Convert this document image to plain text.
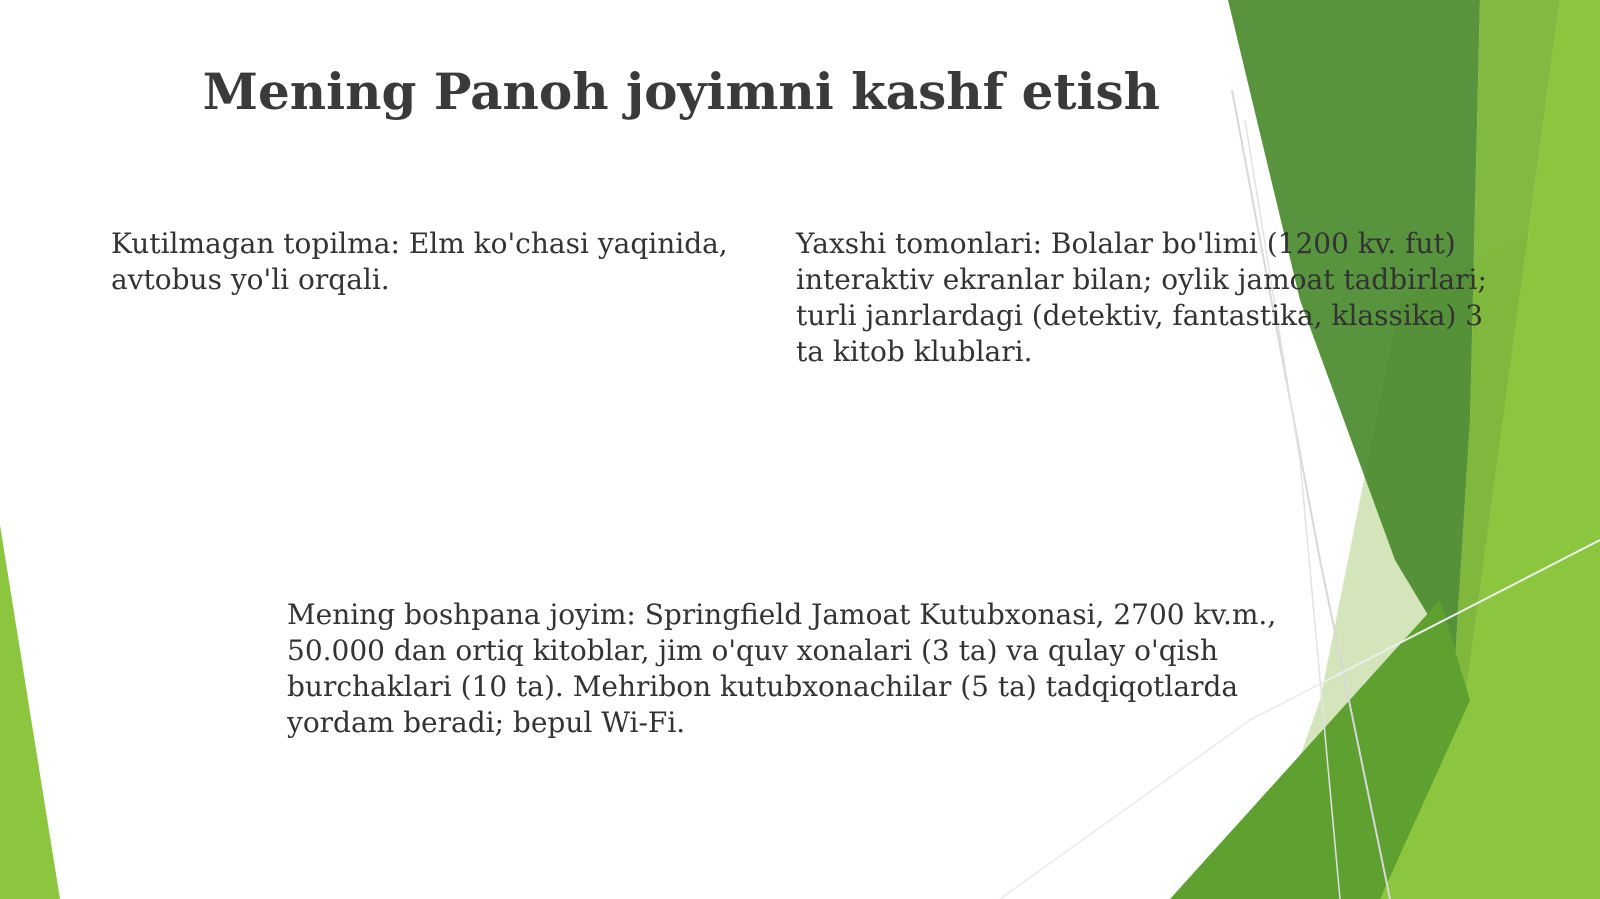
Mening Panoh joyimni kashf etish

Kutilmagan topilma: Elm ko'chasi yaqinida, avtobus yo'li orqali.

Yaxshi tomonlari: Bolalar bo'limi (1200 kv. fut) interaktiv ekranlar bilan; oylik jamoat tadbirlari; turli janrlardagi (detektiv, fantastika, klassika) 3 ta kitob klublari.

Mening boshpana joyim: Springfield Jamoat Kutubxonasi, 2700 kv.m., 50.000 dan ortiq kitoblar, jim o'quv xonalari (3 ta) va qulay o'qish burchaklari (10 ta). Mehribon kutubxonachilar (5 ta) tadqiqotlarda yordam beradi; bepul Wi-Fi.
